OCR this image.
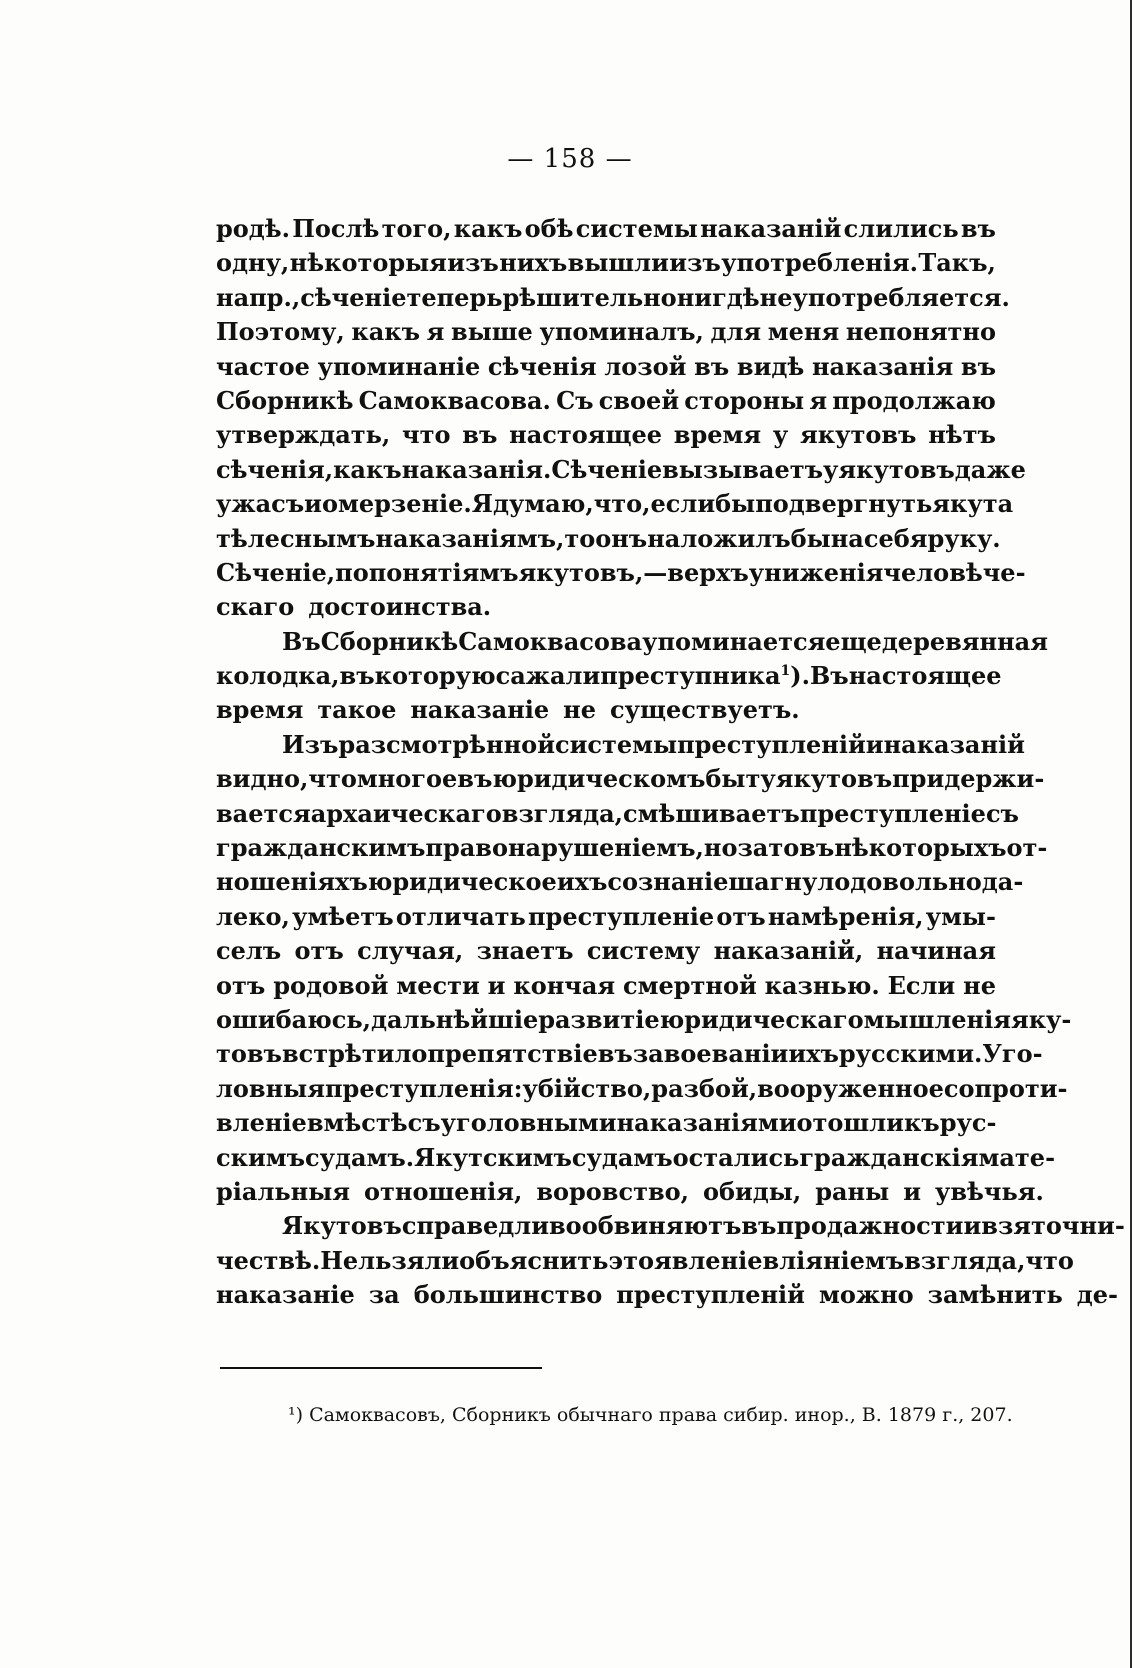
— 158 —
родѣ. Послѣ того, какъ обѣ системы наказаній слились въ
одну, нѣкоторыя изъ нихъ вышли изъ употребленія. Такъ,
напр., сѣченіе теперь рѣшительно нигдѣ не употребляется.
Поэтому, какъ я выше упоминалъ, для меня непонятно
частое упоминаніе сѣченія лозой въ видѣ наказанія въ
Сборникѣ Самоквасова. Съ своей стороны я продолжаю
утверждать, что въ настоящее время у якутовъ нѣтъ
сѣченія, какъ наказанія. Сѣченіе вызываетъ у якутовъ даже
ужасъ и омерзеніе. Я думаю, что, если бы подвергнуть якута
тѣлеснымъ наказаніямъ, то онъ наложилъ бы на себя руку.
Сѣченіе, по понятіямъ якутовъ,—верхъ униженія человѣче-
скаго достоинства.
Въ Сборникѣ Самоквасова упоминается еще деревянная
колодка, въ которую сажали преступника $^1$). Въ настоящее
время такое наказаніе не существуетъ.
Изъ разсмотрѣнной системы преступленій и наказаній
видно, что многое въ юридическомъ быту якутовъ придержи-
вается архаическаго взгляда, смѣшиваетъ преступленіе съ
гражданскимъ правонарушеніемъ, но за то въ нѣкоторыхъ от-
ношеніяхъ юридическое ихъ сознаніе шагнуло довольно да-
леко, умѣетъ отличать преступленіе отъ намѣренія, умы-
селъ отъ случая, знаетъ систему наказаній, начиная
отъ родовой мести и кончая смертной казнью. Если не
ошибаюсь, дальнѣйшіе развитіе юридическаго мышленія яку-
товъ встрѣтило препятствіе въ завоеваніи ихъ русскими. Уго-
ловныя преступленія: убійство, разбой, вооруженное сопроти-
вленіе вмѣстѣ съ уголовными наказаніями отошли къ рус-
скимъ судамъ. Якутскимъ судамъ остались гражданскія мате-
ріальныя отношенія, воровство, обиды, раны и увѣчья.
Якутовъ справедливо обвиняютъ въ продажности и взяточни-
чествѣ. Нельзя ли объяснить это явленіе вліяніемъ взгляда, что
наказаніе за большинство преступленій можно замѣнить де-
¹) Самоквасовъ, Сборникъ обычнаго права сибир. инор., В. 1879 г., 207.
